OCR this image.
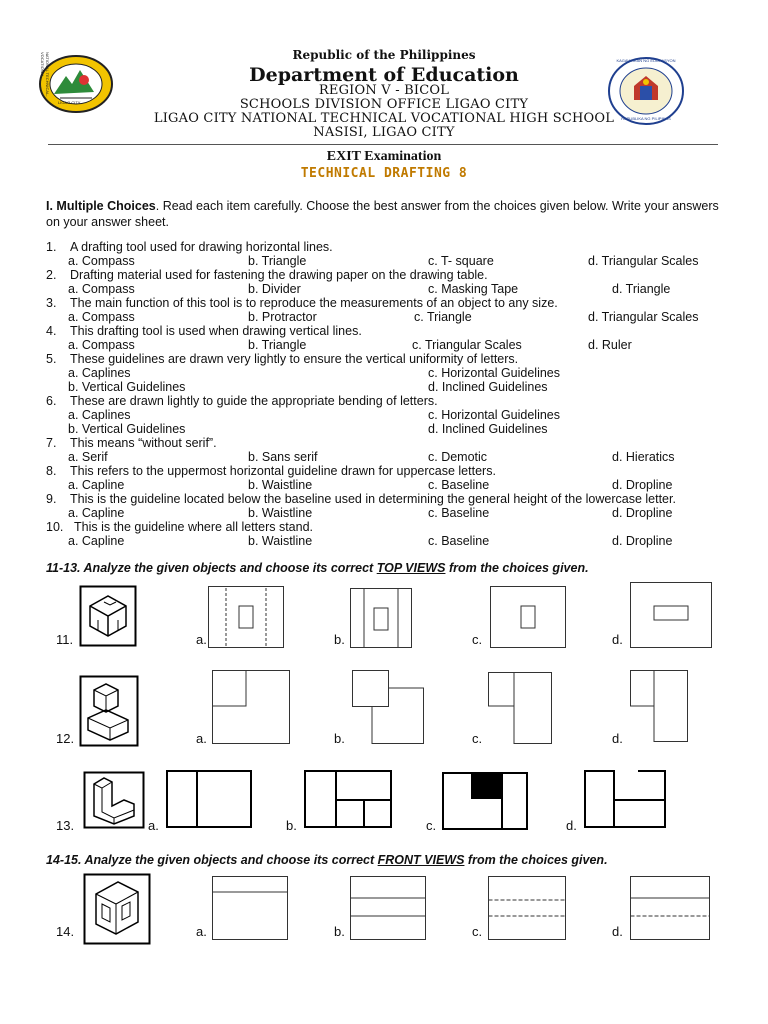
NATIONAL TECHNICAL-VOCATIONAL
LIGAO CITY
KAGAWARAN NG EDUKASYON
REPUBLIKA NG PILIPINAS
Republic of the Philippines
Department of Education
REGION V - BICOL
SCHOOLS DIVISION OFFICE LIGAO CITY
LIGAO CITY NATIONAL TECHNICAL VOCATIONAL HIGH SCHOOL
NASISI, LIGAO CITY
EXIT Examination
TECHNICAL DRAFTING 8
I. Multiple Choices. Read each item carefully. Choose the best answer from the choices given below. Write your answers on your answer sheet.
1. A drafting tool used for drawing horizontal lines.
a. Compass	b. Triangle	c. T- square	d. Triangular Scales
2. Drafting material used for fastening the drawing paper on the drawing table.
a. Compass	b. Divider	c. Masking Tape	d. Triangle
3. The main function of this tool is to reproduce the measurements of an object to any size.
a. Compass	b. Protractor	c. Triangle	d. Triangular Scales
4. This drafting tool is used when drawing vertical lines.
a. Compass	b. Triangle	c. Triangular Scales	d. Ruler
5. These guidelines are drawn very lightly to ensure the vertical uniformity of letters.
a. Caplines	c. Horizontal Guidelines
b. Vertical Guidelines	d. Inclined Guidelines
6. These are drawn lightly to guide the appropriate bending of letters.
a. Caplines	c. Horizontal Guidelines
b. Vertical Guidelines	d. Inclined Guidelines
7. This means “without serif”.
a. Serif	b. Sans serif	c. Demotic	d. Hieratics
8. This refers to the uppermost horizontal guideline drawn for uppercase letters.
a. Capline	b. Waistline	c. Baseline	d. Dropline
9. This is the guideline located below the baseline used in determining the general height of the lowercase letter.
a. Capline	b. Waistline	c. Baseline	d. Dropline
10. This is the guideline where all letters stand.
a. Capline	b. Waistline	c. Baseline	d. Dropline
11-13. Analyze the given objects and choose its correct TOP VIEWS from the choices given.
11.	a.	b.	c.	d.
12.	a.	b.	c.	d.
13.	a.	b.	c.	d.
14-15. Analyze the given objects and choose its correct FRONT VIEWS from the choices given.
14.	a.	b.	c.	d.
